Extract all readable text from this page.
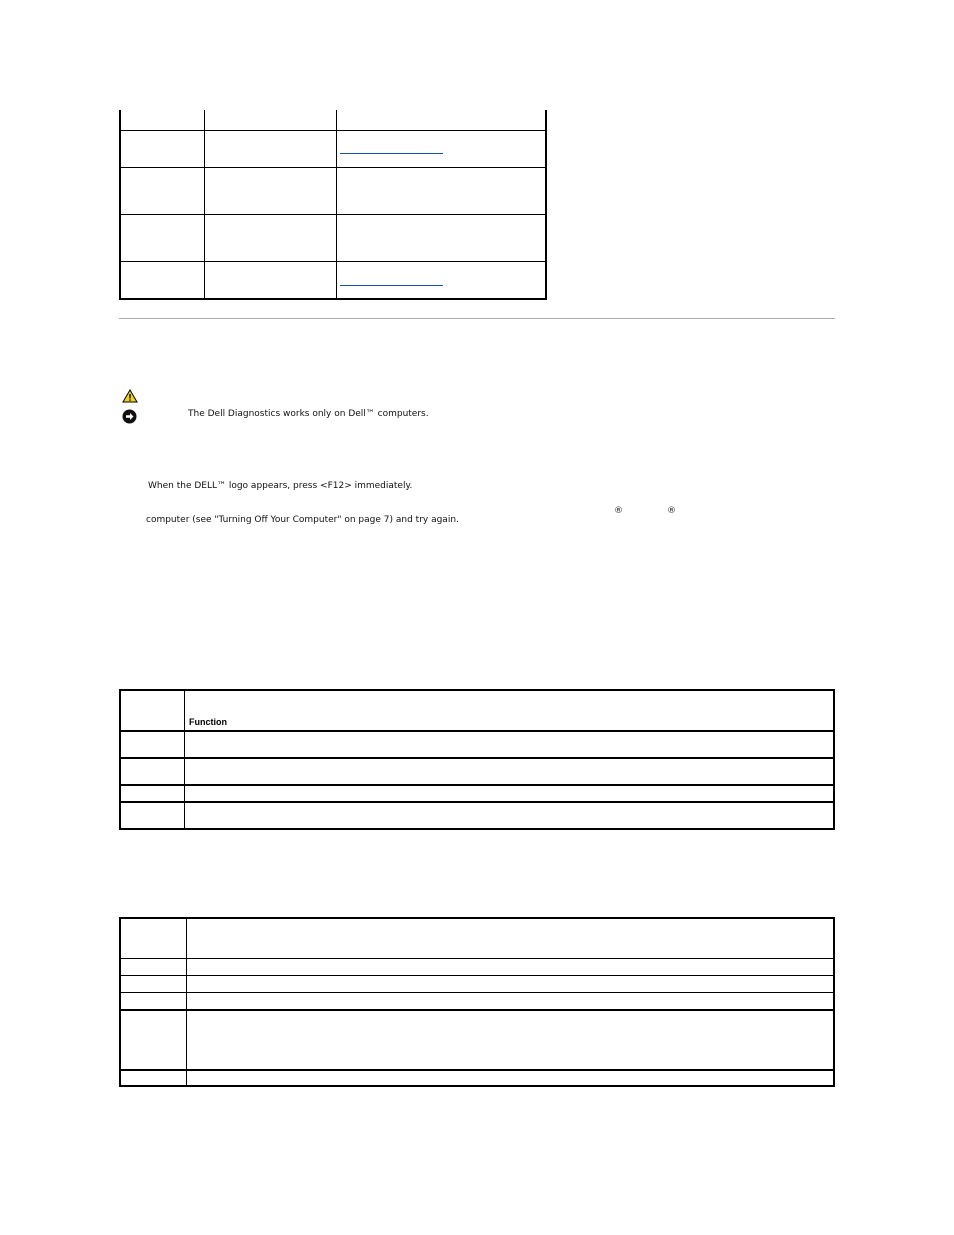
The Dell Diagnostics works only on Dell™ computers.
When the DELL™ logo appears, press <F12> immediately.
®	®
computer (see "Turning Off Your Computer" on page 7) and try again.
Function
